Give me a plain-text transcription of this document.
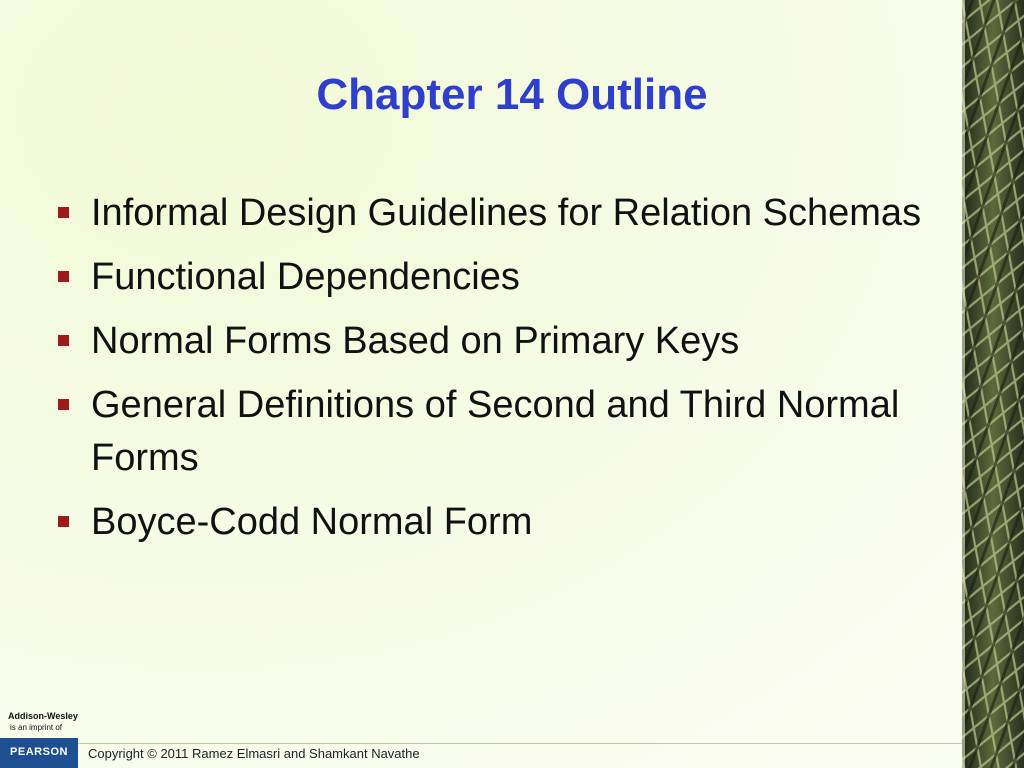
Chapter 14 Outline
Informal Design Guidelines for Relation Schemas
Functional Dependencies
Normal Forms Based on Primary Keys
General Definitions of Second and Third Normal Forms
Boyce-Codd Normal Form
Addison-Wesley
is an imprint of
PEARSON	Copyright © 2011 Ramez Elmasri and Shamkant Navathe
